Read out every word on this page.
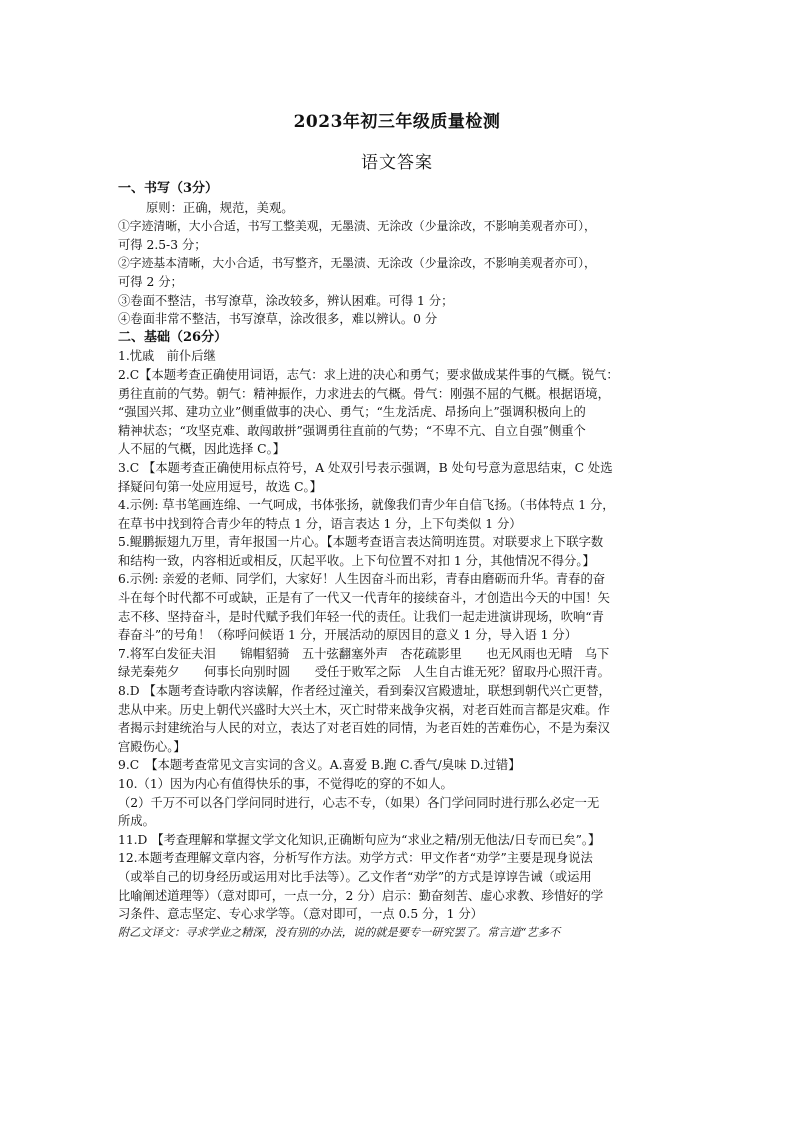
2023年初三年级质量检测
语文答案
一、书写（3分）
原则：正确，规范，美观。
①字迹清晰，大小合适，书写工整美观，无墨渍、无涂改（少量涂改，不影响美观者亦可），
可得 2.5-3 分；
②字迹基本清晰，大小合适，书写整齐，无墨渍、无涂改（少量涂改，不影响美观者亦可），
可得 2 分；
③卷面不整洁，书写潦草，涂改较多，辨认困难。可得 1 分；
④卷面非常不整洁，书写潦草，涂改很多，难以辨认。0 分
二、基础（26分）
1.忧戚　前仆后继
2.C【本题考查正确使用词语，志气：求上进的决心和勇气；要求做成某件事的气概。锐气：
勇往直前的气势。朝气：精神振作，力求进去的气概。骨气：刚强不屈的气概。根据语境，
“强国兴邦、建功立业”侧重做事的决心、勇气；“生龙活虎、昂扬向上”强调积极向上的
精神状态；“攻坚克难、敢闯敢拼”强调勇往直前的气势；“不卑不亢、自立自强”侧重个
人不屈的气概，因此选择 C。】
3.C 【本题考查正确使用标点符号，A 处双引号表示强调，B 处句号意为意思结束，C 处选
择疑问句第一处应用逗号，故选 C。】
4.示例: 草书笔画连绵、一气呵成，书体张扬，就像我们青少年自信飞扬。（书体特点 1 分，
在草书中找到符合青少年的特点 1 分，语言表达 1 分，上下句类似 1 分）
5.鲲鹏振翅九万里，青年报国一片心。【本题考查语言表达简明连贯。对联要求上下联字数
和结构一致，内容相近或相反，仄起平收。上下句位置不对扣 1 分，其他情况不得分。】
6.示例: 亲爱的老师、同学们，大家好！人生因奋斗而出彩，青春由磨砺而升华。青春的奋
斗在每个时代都不可或缺，正是有了一代又一代青年的接续奋斗，才创造出今天的中国！矢
志不移、坚持奋斗，是时代赋予我们年轻一代的责任。让我们一起走进演讲现场，吹响“青
春奋斗”的号角！（称呼问候语 1 分，开展活动的原因目的意义 1 分，导入语 1 分）
7.将军白发征夫泪　　锦帽貂骑　五十弦翻塞外声　杏花疏影里　　也无风雨也无晴　乌下
绿芜秦苑夕　　何事长向别时圆　　受任于败军之际　人生自古谁无死？留取丹心照汗青。
8.D 【本题考查诗歌内容读解，作者经过潼关，看到秦汉宫殿遗址，联想到朝代兴亡更替，
悲从中来。历史上朝代兴盛时大兴土木，灭亡时带来战争灾祸，对老百姓而言都是灾难。作
者揭示封建统治与人民的对立，表达了对老百姓的同情，为老百姓的苦难伤心，不是为秦汉
宫殿伤心。】
9.C　【本题考查常见文言实词的含义。A.喜爱 B.跑 C.香气/臭味 D.过错】
10.（1）因为内心有值得快乐的事，不觉得吃的穿的不如人。
（2）千万不可以各门学问同时进行，心志不专，（如果）各门学问同时进行那么必定一无
所成。
11.D 【考查理解和掌握文学文化知识,正确断句应为“求业之精/别无他法/日专而已矣”。】
12.本题考查理解文章内容，分析写作方法。劝学方式：甲文作者“劝学”主要是现身说法
（或举自己的切身经历或运用对比手法等）。乙文作者“劝学”的方式是谆谆告诫（或运用
比喻阐述道理等）（意对即可，一点一分，2 分）启示：勤奋刻苦、虚心求教、珍惜好的学
习条件、意志坚定、专心求学等。（意对即可，一点 0.5 分，1 分）
附乙文译文：寻求学业之精深，没有别的办法，说的就是要专一研究罢了。常言道“艺多不
